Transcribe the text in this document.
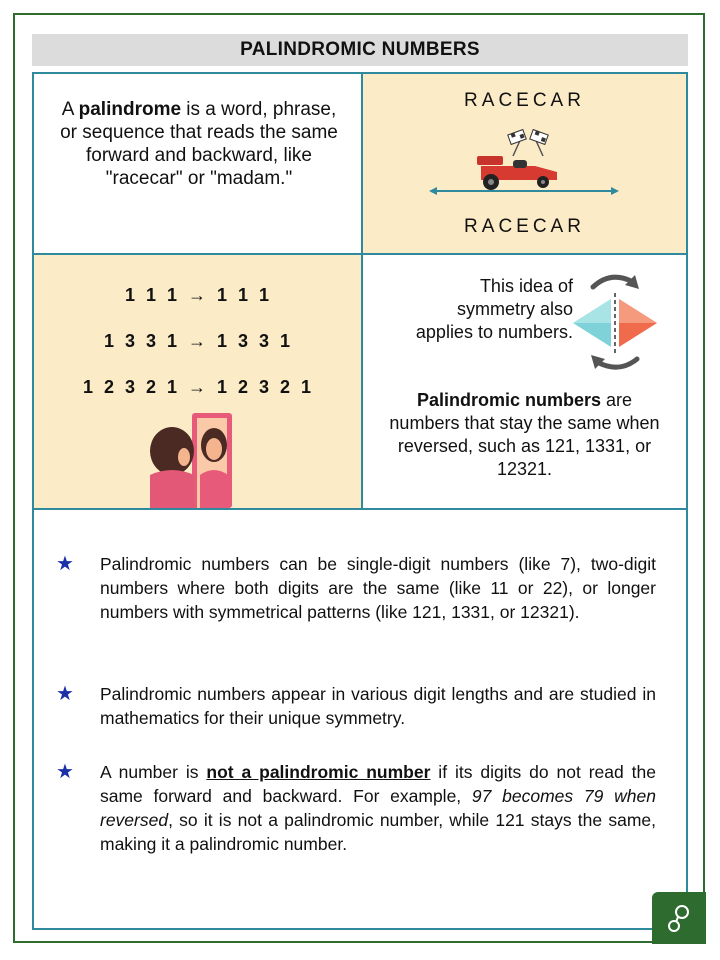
PALINDROMIC NUMBERS
A palindrome is a word, phrase, or sequence that reads the same forward and backward, like "racecar" or "madam."
RACECAR
RACECAR
1 1 1 → 1 1 1
1 3 3 1 → 1 3 3 1
1 2 3 2 1 → 1 2 3 2 1
This idea of symmetry also applies to numbers.
Palindromic numbers are numbers that stay the same when reversed, such as 121, 1331, or 12321.
★ Palindromic numbers can be single-digit numbers (like 7), two-digit numbers where both digits are the same (like 11 or 22), or longer numbers with symmetrical patterns (like 121, 1331, or 12321).
★ Palindromic numbers appear in various digit lengths and are studied in mathematics for their unique symmetry.
★ A number is not a palindromic number if its digits do not read the same forward and backward. For example, 97 becomes 79 when reversed, so it is not a palindromic number, while 121 stays the same, making it a palindromic number.
